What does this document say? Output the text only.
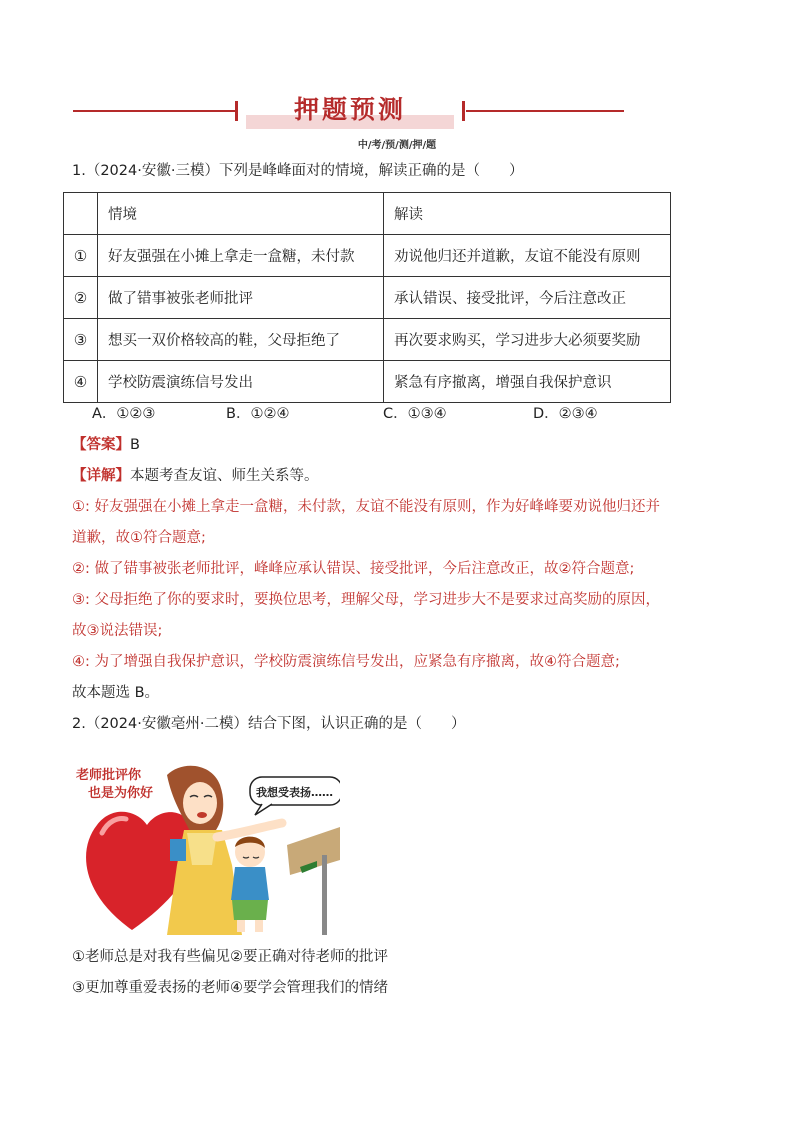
押题预测
中/考/预/测/押/题
1.（2024·安徽·三模）下列是峰峰面对的情境，解读正确的是（　　）
	情境	解读
①	好友强强在小摊上拿走一盒糖，未付款	劝说他归还并道歉，友谊不能没有原则
②	做了错事被张老师批评	承认错误、接受批评，今后注意改正
③	想买一双价格较高的鞋，父母拒绝了	再次要求购买，学习进步大必须要奖励
④	学校防震演练信号发出	紧急有序撤离，增强自我保护意识
A．①②③	B．①②④	C．①③④	D．②③④
【答案】B
【详解】本题考查友谊、师生关系等。
①: 好友强强在小摊上拿走一盒糖，未付款，友谊不能没有原则，作为好峰峰要劝说他归还并
道歉，故①符合题意;
②: 做了错事被张老师批评，峰峰应承认错误、接受批评，今后注意改正，故②符合题意;
③: 父母拒绝了你的要求时，要换位思考，理解父母，学习进步大不是要求过高奖励的原因，
故③说法错误;
④: 为了增强自我保护意识，学校防震演练信号发出，应紧急有序撤离，故④符合题意;
故本题选 B。
2.（2024·安徽亳州·二模）结合下图，认识正确的是（　　）
我想受表扬……
老师批评你
也是为你好
①老师总是对我有些偏见②要正确对待老师的批评
③更加尊重爱表扬的老师④要学会管理我们的情绪
